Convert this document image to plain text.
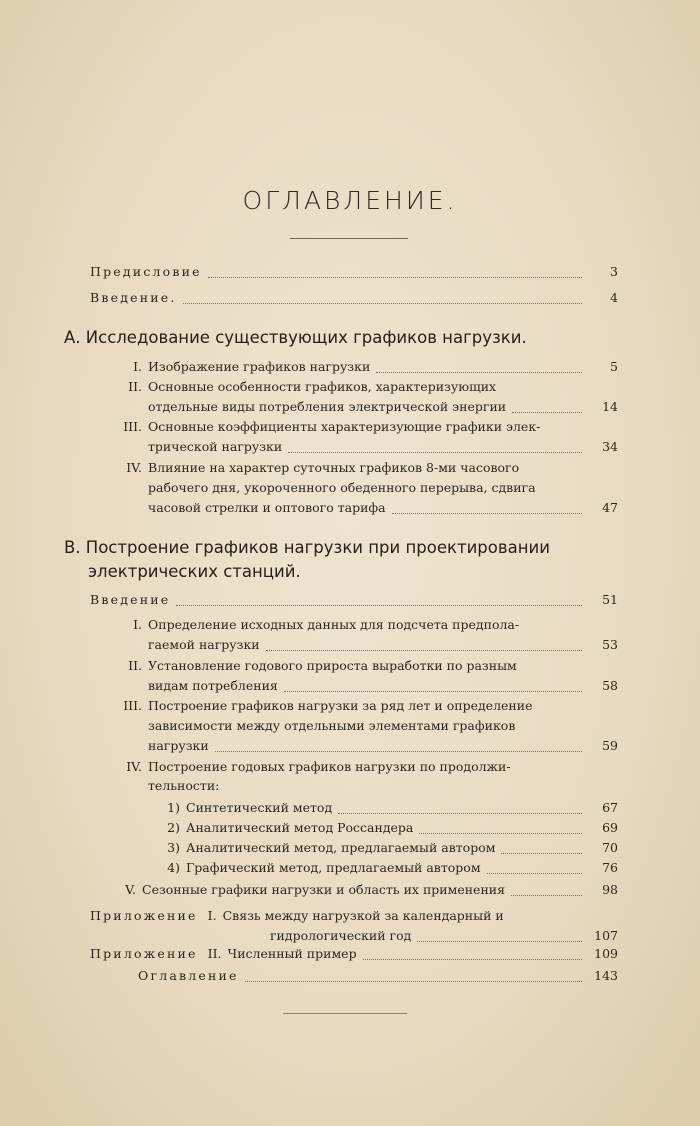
ОГЛАВЛЕНИЕ.
Предисловие	3
Введение.	4
А. Исследование существующих графиков нагрузки.
I. Изображение графиков нагрузки	5
II. Основные особенности графиков, характеризующих
отдельные виды потребления электрической энергии	14
III. Основные коэффициенты характеризующие графики элек-
трической нагрузки	34
IV. Влияние на характер суточных графиков 8-ми часового
рабочего дня, укороченного обеденного перерыва, сдвига
часовой стрелки и оптового тарифа	47
В. Построение графиков нагрузки при проектировании
электрических станций.
Введение	51
I. Определение исходных данных для подсчета предпола-
гаемой нагрузки	53
II. Установление годового прироста выработки по разным
видам потребления	58
III. Построение графиков нагрузки за ряд лет и определение
зависимости между отдельными элементами графиков
нагрузки	59
IV. Построение годовых графиков нагрузки по продолжи-
тельности:
1) Синтетический метод	67
2) Аналитический метод Россандера	69
3) Аналитический метод, предлагаемый автором	70
4) Графический метод, предлагаемый автором	76
V. Сезонные графики нагрузки и область их применения	98
Приложение I. Связь между нагрузкой за календарный и
гидрологический год	107
Приложение II. Численный пример	109
Оглавление	143
